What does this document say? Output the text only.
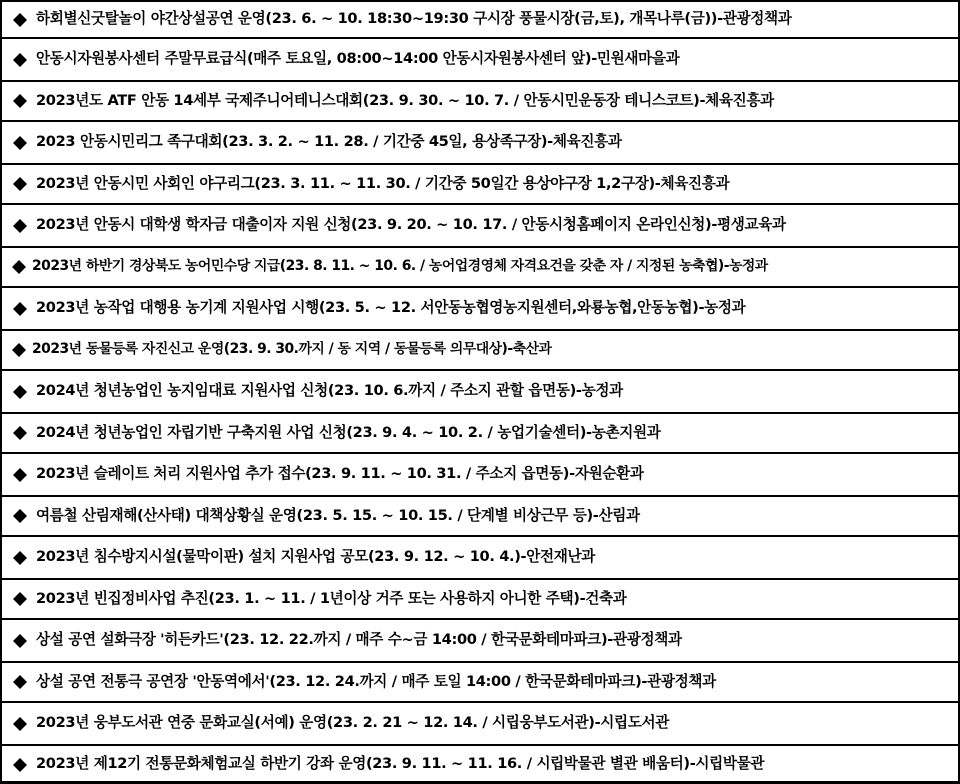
하회별신굿탈놀이 야간상설공연 운영(23. 6. ~ 10. 18:30~19:30 구시장 풍물시장(금,토), 개목나루(금))-관광정책과
안동시자원봉사센터 주말무료급식(매주 토요일, 08:00~14:00 안동시자원봉사센터 앞)-민원새마을과
2023년도 ATF 안동 14세부 국제주니어테니스대회(23. 9. 30. ~ 10. 7. / 안동시민운동장 테니스코트)-체육진흥과
2023 안동시민리그 족구대회(23. 3. 2. ~ 11. 28. / 기간중 45일, 용상족구장)-체육진흥과
2023년 안동시민 사회인 야구리그(23. 3. 11. ~ 11. 30. / 기간중 50일간 용상야구장 1,2구장)-체육진흥과
2023년 안동시 대학생 학자금 대출이자 지원 신청(23. 9. 20. ~ 10. 17. / 안동시청홈페이지 온라인신청)-평생교육과
2023년 하반기 경상북도 농어민수당 지급(23. 8. 11. ~ 10. 6. / 농어업경영체 자격요건을 갖춘 자 / 지정된 농축협)-농정과
2023년 농작업 대행용 농기계 지원사업 시행(23. 5. ~ 12. 서안동농협영농지원센터,와룡농협,안동농협)-농정과
2023년 동물등록 자진신고 운영(23. 9. 30.까지 / 동 지역 / 동물등록 의무대상)-축산과
2024년 청년농업인 농지임대료 지원사업 신청(23. 10. 6.까지 / 주소지 관할 읍면동)-농정과
2024년 청년농업인 자립기반 구축지원 사업 신청(23. 9. 4. ~ 10. 2. / 농업기술센터)-농촌지원과
2023년 슬레이트 처리 지원사업 추가 접수(23. 9. 11. ~ 10. 31. / 주소지 읍면동)-자원순환과
여름철 산림재해(산사태) 대책상황실 운영(23. 5. 15. ~ 10. 15. / 단계별 비상근무 등)-산림과
2023년 침수방지시설(물막이판) 설치 지원사업 공모(23. 9. 12. ~ 10. 4.)-안전재난과
2023년 빈집정비사업 추진(23. 1. ~ 11. / 1년이상 거주 또는 사용하지 아니한 주택)-건축과
상설 공연 설화극장 '히든카드'(23. 12. 22.까지 / 매주 수~금 14:00 / 한국문화테마파크)-관광정책과
상설 공연 전통극 공연장 '안동역에서'(23. 12. 24.까지 / 매주 토일 14:00 / 한국문화테마파크)-관광정책과
2023년 웅부도서관 연중 문화교실(서예) 운영(23. 2. 21 ~ 12. 14. / 시립웅부도서관)-시립도서관
2023년 제12기 전통문화체험교실 하반기 강좌 운영(23. 9. 11. ~ 11. 16. / 시립박물관 별관 배움터)-시립박물관
